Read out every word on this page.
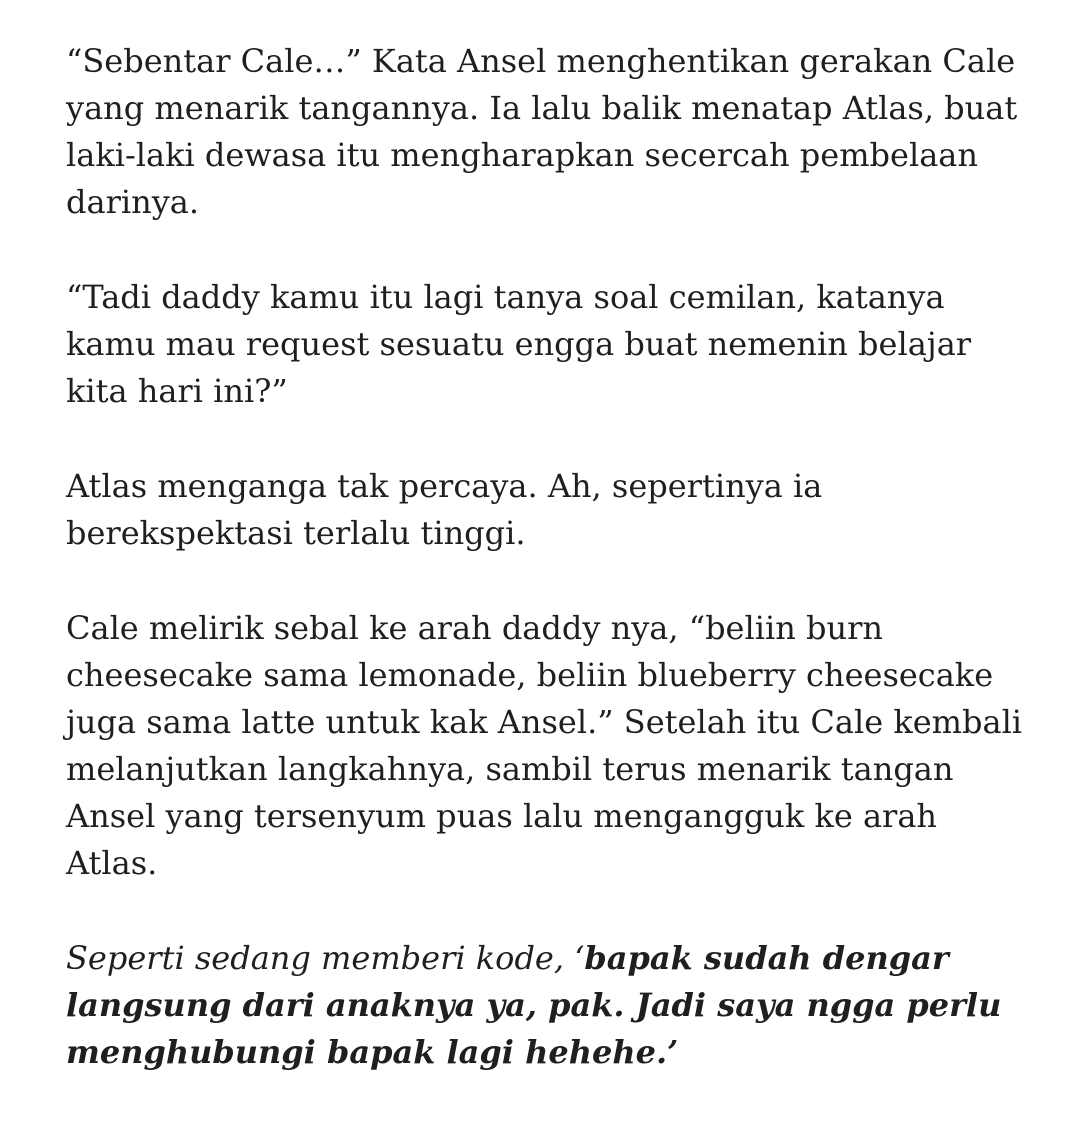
“Sebentar Cale…” Kata Ansel menghentikan gerakan Cale yang menarik tangannya. Ia lalu balik menatap Atlas, buat laki-laki dewasa itu mengharapkan secercah pembelaan darinya.

“Tadi daddy kamu itu lagi tanya soal cemilan, katanya kamu mau request sesuatu engga buat nemenin belajar kita hari ini?”

Atlas menganga tak percaya. Ah, sepertinya ia berekspektasi terlalu tinggi.

Cale melirik sebal ke arah daddy nya, “beliin burn cheesecake sama lemonade, beliin blueberry cheesecake juga sama latte untuk kak Ansel.” Setelah itu Cale kembali melanjutkan langkahnya, sambil terus menarik tangan Ansel yang tersenyum puas lalu mengangguk ke arah Atlas.

Seperti sedang memberi kode, ‘bapak sudah dengar langsung dari anaknya ya, pak. Jadi saya ngga perlu menghubungi bapak lagi hehehe.’
